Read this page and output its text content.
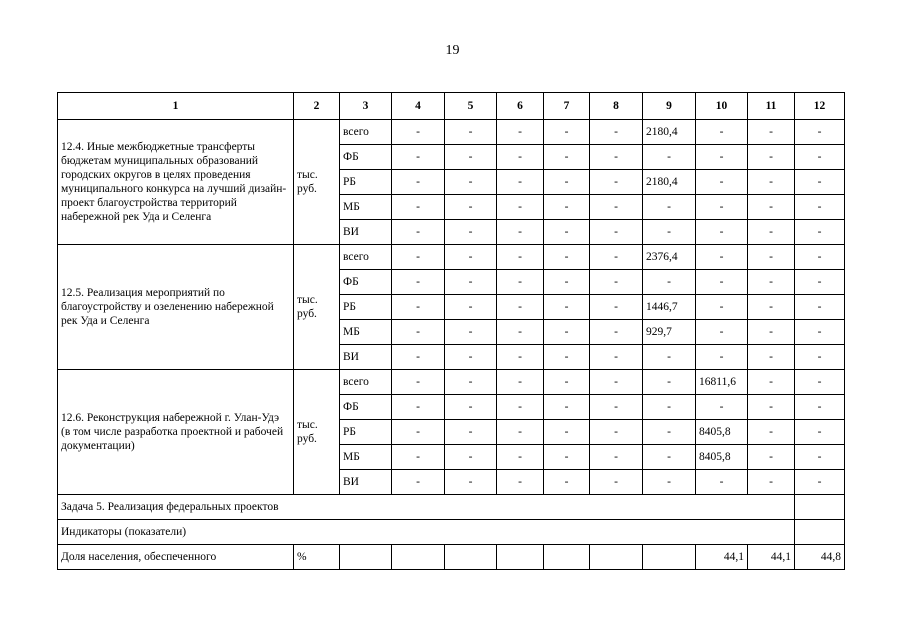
19
1	2	3	4	5	6	7	8	9	10	11	12
12.4. Иные межбюджетные трансферты бюджетам муниципальных образований городских округов в целях проведения муниципального конкурса на лучший дизайн-проект благоустройства территорий набережной рек Уда и Селенга	тыс. руб.	всего	-	-	-	-	-	2180,4	-	-	-
		ФБ	-	-	-	-	-	-	-	-	-
		РБ	-	-	-	-	-	2180,4	-	-	-
		МБ	-	-	-	-	-	-	-	-	-
		ВИ	-	-	-	-	-	-	-	-	-
12.5. Реализация мероприятий по благоустройству и озеленению набережной рек Уда и Селенга	тыс. руб.	всего	-	-	-	-	-	2376,4	-	-	-
		ФБ	-	-	-	-	-	-	-	-	-
		РБ	-	-	-	-	-	1446,7	-	-	-
		МБ	-	-	-	-	-	929,7	-	-	-
		ВИ	-	-	-	-	-	-	-	-	-
12.6. Реконструкция набережной г. Улан-Удэ (в том числе разработка проектной и рабочей документации)	тыс. руб.	всего	-	-	-	-	-	-	16811,6	-	-
		ФБ	-	-	-	-	-	-	-	-	-
		РБ	-	-	-	-	-	-	8405,8	-	-
		МБ	-	-	-	-	-	-	8405,8	-	-
		ВИ	-	-	-	-	-	-	-	-	-
Задача 5. Реализация федеральных проектов											
Индикаторы (показатели)											
Доля населения, обеспеченного	%								44,1	44,1	44,8
